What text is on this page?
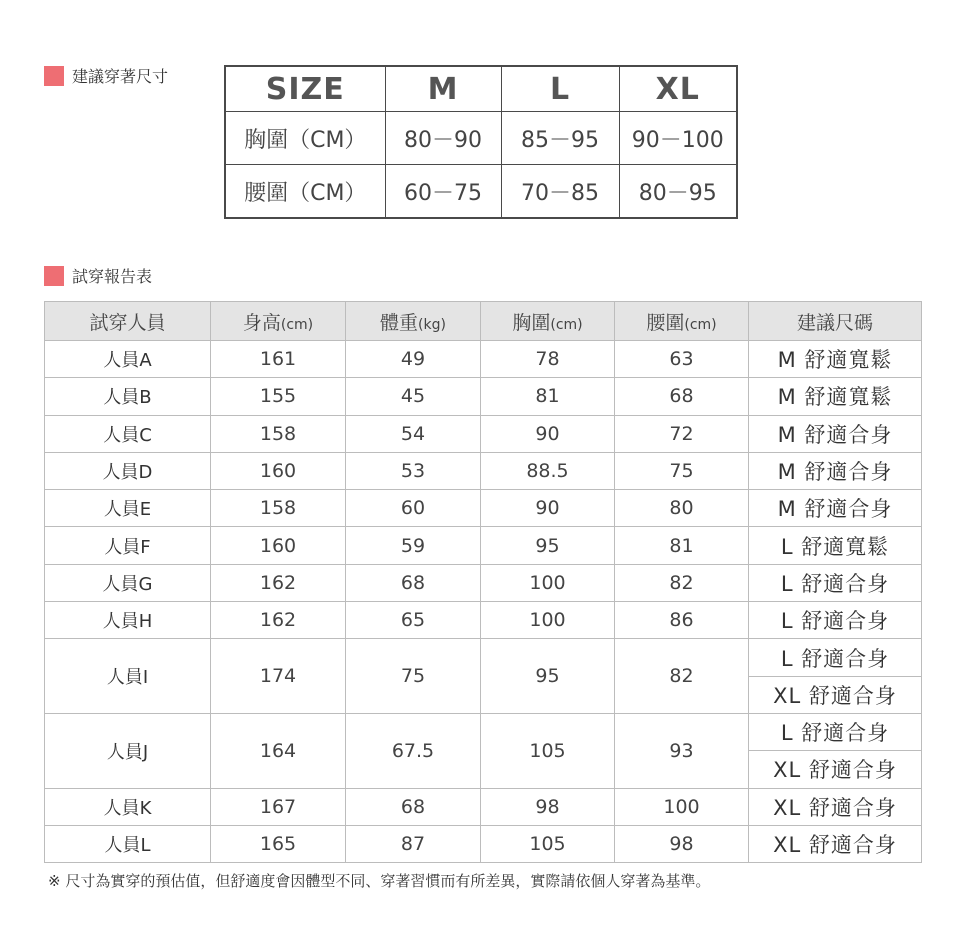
建議穿著尺寸	SIZE	M	L	XL
胸圍（CM）	80－90	85－95	90－100
腰圍（CM）	60－75	70－85	80－95
試穿報告表
試穿人員	身高(cm)	體重(kg)	胸圍(cm)	腰圍(cm)	建議尺碼
人員A	161	49	78	63	M 舒適寬鬆
人員B	155	45	81	68	M 舒適寬鬆
人員C	158	54	90	72	M 舒適合身
人員D	160	53	88.5	75	M 舒適合身
人員E	158	60	90	80	M 舒適合身
人員F	160	59	95	81	L 舒適寬鬆
人員G	162	68	100	82	L 舒適合身
人員H	162	65	100	86	L 舒適合身
人員I	174	75	95	82	L 舒適合身
					XL 舒適合身
人員J	164	67.5	105	93	L 舒適合身
					XL 舒適合身
人員K	167	68	98	100	XL 舒適合身
人員L	165	87	105	98	XL 舒適合身
※ 尺寸為實穿的預估值，但舒適度會因體型不同、穿著習慣而有所差異，實際請依個人穿著為基準。
